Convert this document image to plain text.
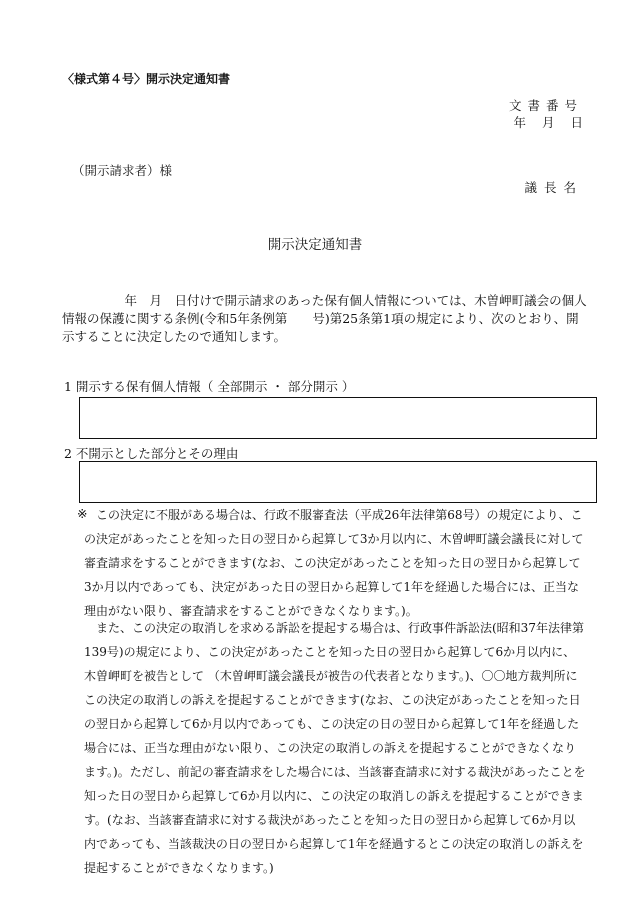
〈様式第４号〉開示決定通知書
文書番号
年 月 日
（開示請求者）様
議長名
開示決定通知書
　　　　　年　月　日付けで開示請求のあった保有個人情報については、木曽岬町議会の個人情報の保護に関する条例(令和5年条例第　　号)第25条第1項の規定により、次のとおり、開示することに決定したので通知します。
1 開示する保有個人情報（ 全部開示 ・ 部分開示 ）
2 不開示とした部分とその理由
※
　この決定に不服がある場合は、行政不服審査法（平成26年法律第68号）の規定により、この決定があったことを知った日の翌日から起算して3か月以内に、木曽岬町議会議長に対して審査請求をすることができます(なお、この決定があったことを知った日の翌日から起算して3か月以内であっても、決定があった日の翌日から起算して1年を経過した場合には、正当な理由がない限り、審査請求をすることができなくなります。)。
　また、この決定の取消しを求める訴訟を提起する場合は、行政事件訴訟法(昭和37年法律第139号)の規定により、この決定があったことを知った日の翌日から起算して6か月以内に、木曽岬町を被告として （木曽岬町議会議長が被告の代表者となります。)、〇〇地方裁判所にこの決定の取消しの訴えを提起することができます(なお、この決定があったことを知った日の翌日から起算して6か月以内であっても、この決定の日の翌日から起算して1年を経過した場合には、正当な理由がない限り、この決定の取消しの訴えを提起することができなくなります。)。ただし、前記の審査請求をした場合には、当該審査請求に対する裁決があったことを知った日の翌日から起算して6か月以内に、この決定の取消しの訴えを提起することができます。(なお、当該審査請求に対する裁決があったことを知った日の翌日から起算して6か月以内であっても、当該裁決の日の翌日から起算して1年を経過するとこの決定の取消しの訴えを提起することができなくなります。)
